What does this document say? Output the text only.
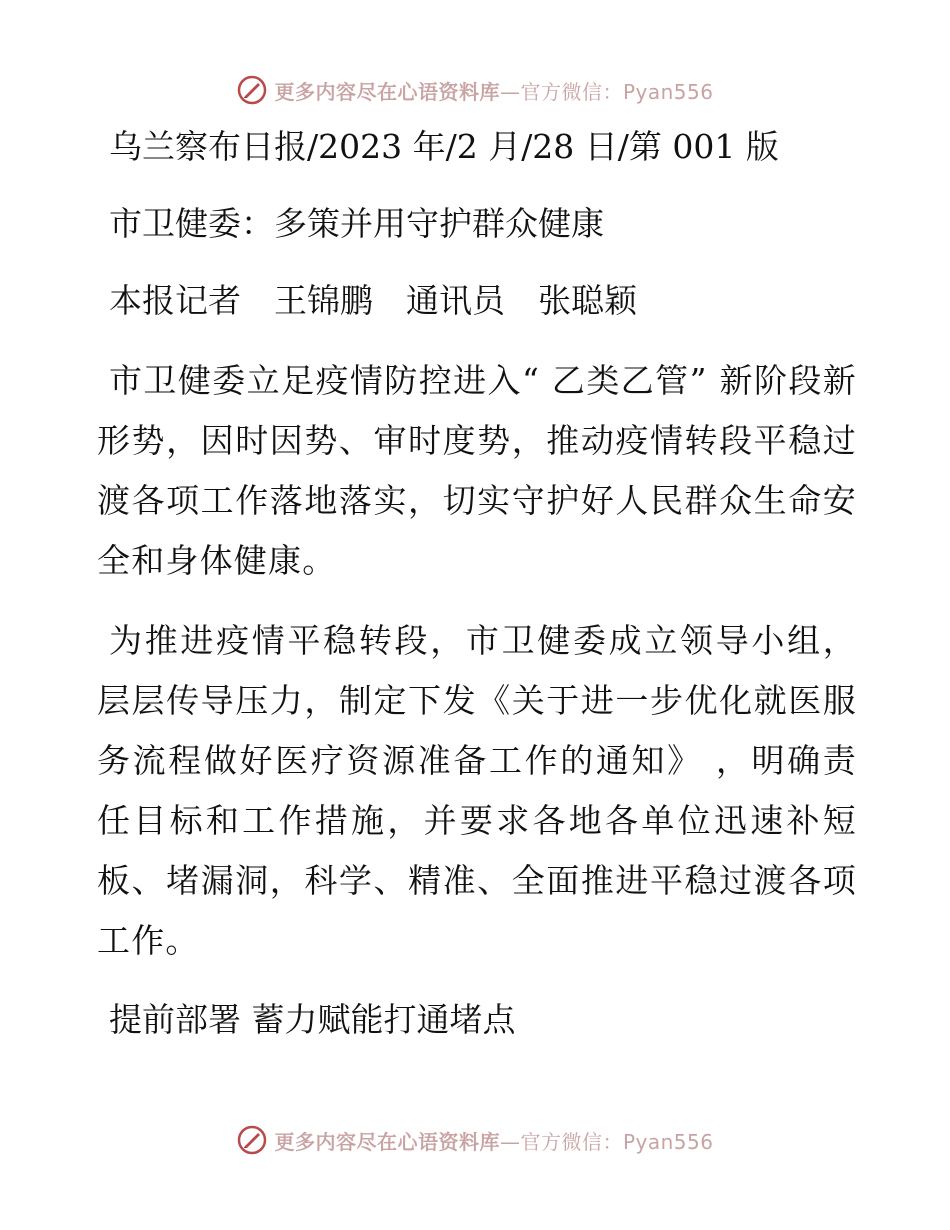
更多内容尽在心语资料库—官方微信：Pyan556

乌兰察布日报/2023 年/2 月/28 日/第 001 版

市卫健委：多策并用守护群众健康

本报记者　王锦鹏　通讯员　张聪颖

市卫健委立足疫情防控进入“ 乙类乙管” 新阶段新形势，因时因势、审时度势，推动疫情转段平稳过渡各项工作落地落实，切实守护好人民群众生命安全和身体健康。

为推进疫情平稳转段，市卫健委成立领导小组，层层传导压力，制定下发《关于进一步优化就医服务流程做好医疗资源准备工作的通知》 ，明确责任目标和工作措施，并要求各地各单位迅速补短板、堵漏洞，科学、精准、全面推进平稳过渡各项工作。

提前部署 蓄力赋能打通堵点

更多内容尽在心语资料库—官方微信：Pyan556
